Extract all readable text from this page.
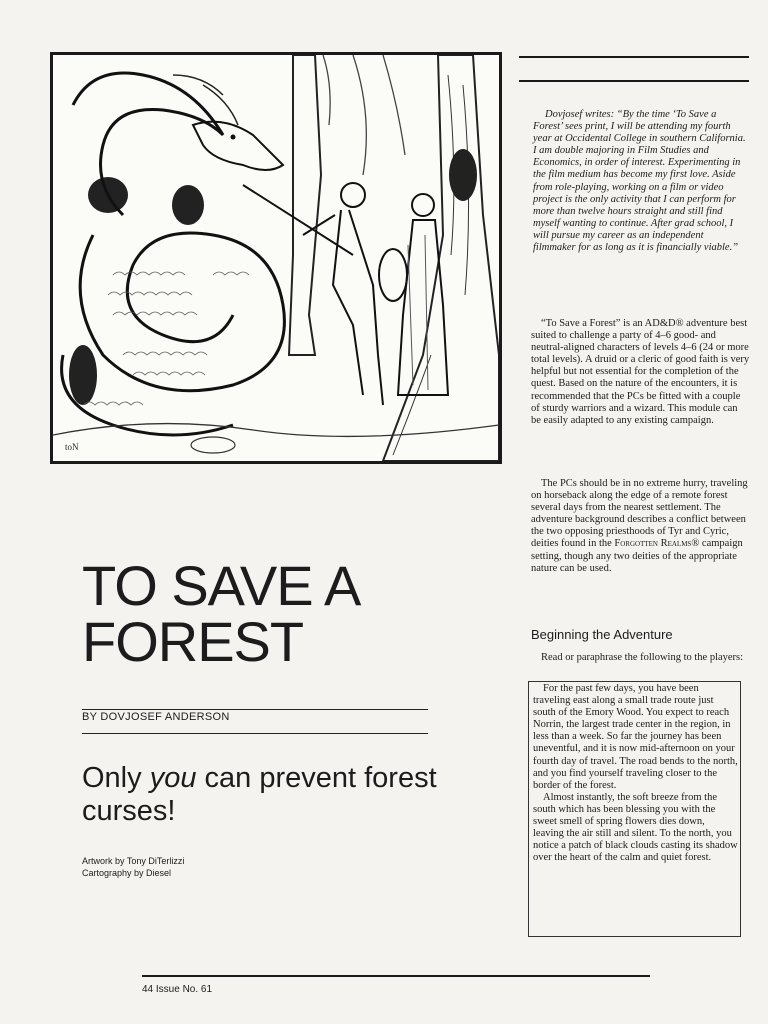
toN

Dovjosef writes: “By the time ‘To Save a Forest’ sees print, I will be attending my fourth year at Occidental College in southern California. I am double majoring in Film Studies and Economics, in order of interest. Experimenting in the film medium has become my first love. Aside from role-playing, working on a film or video project is the only activity that I can perform for more than twelve hours straight and still find myself wanting to continue. After grad school, I will pursue my career as an independent filmmaker for as long as it is financially viable.”

“To Save a Forest” is an AD&D® adventure best suited to challenge a party of 4–6 good- and neutral-aligned characters of levels 4–6 (24 or more total levels). A druid or a cleric of good faith is very helpful but not essential for the completion of the quest. Based on the nature of the encounters, it is recommended that the PCs be fitted with a couple of sturdy warriors and a wizard. This module can be easily adapted to any existing campaign.

The PCs should be in no extreme hurry, traveling on horseback along the edge of a remote forest several days from the nearest settlement. The adventure background describes a conflict between the two opposing priesthoods of Tyr and Cyric, deities found in the Forgotten Realms® campaign setting, though any two deities of the appropriate nature can be used.

Beginning the Adventure

Read or paraphrase the following to the players:

For the past few days, you have been traveling east along a small trade route just south of the Emory Wood. You expect to reach Norrin, the largest trade center in the region, in less than a week. So far the journey has been uneventful, and it is now mid-afternoon on your fourth day of travel. The road bends to the north, and you find yourself traveling closer to the border of the forest.

Almost instantly, the soft breeze from the south which has been blessing you with the sweet smell of spring flowers dies down, leaving the air still and silent. To the north, you notice a patch of black clouds casting its shadow over the heart of the calm and quiet forest.

TO SAVE A
FOREST
BY DOVJOSEF ANDERSON
Only you can prevent forest curses!
Artwork by Tony DiTerlizzi
Cartography by Diesel
44 Issue No. 61
